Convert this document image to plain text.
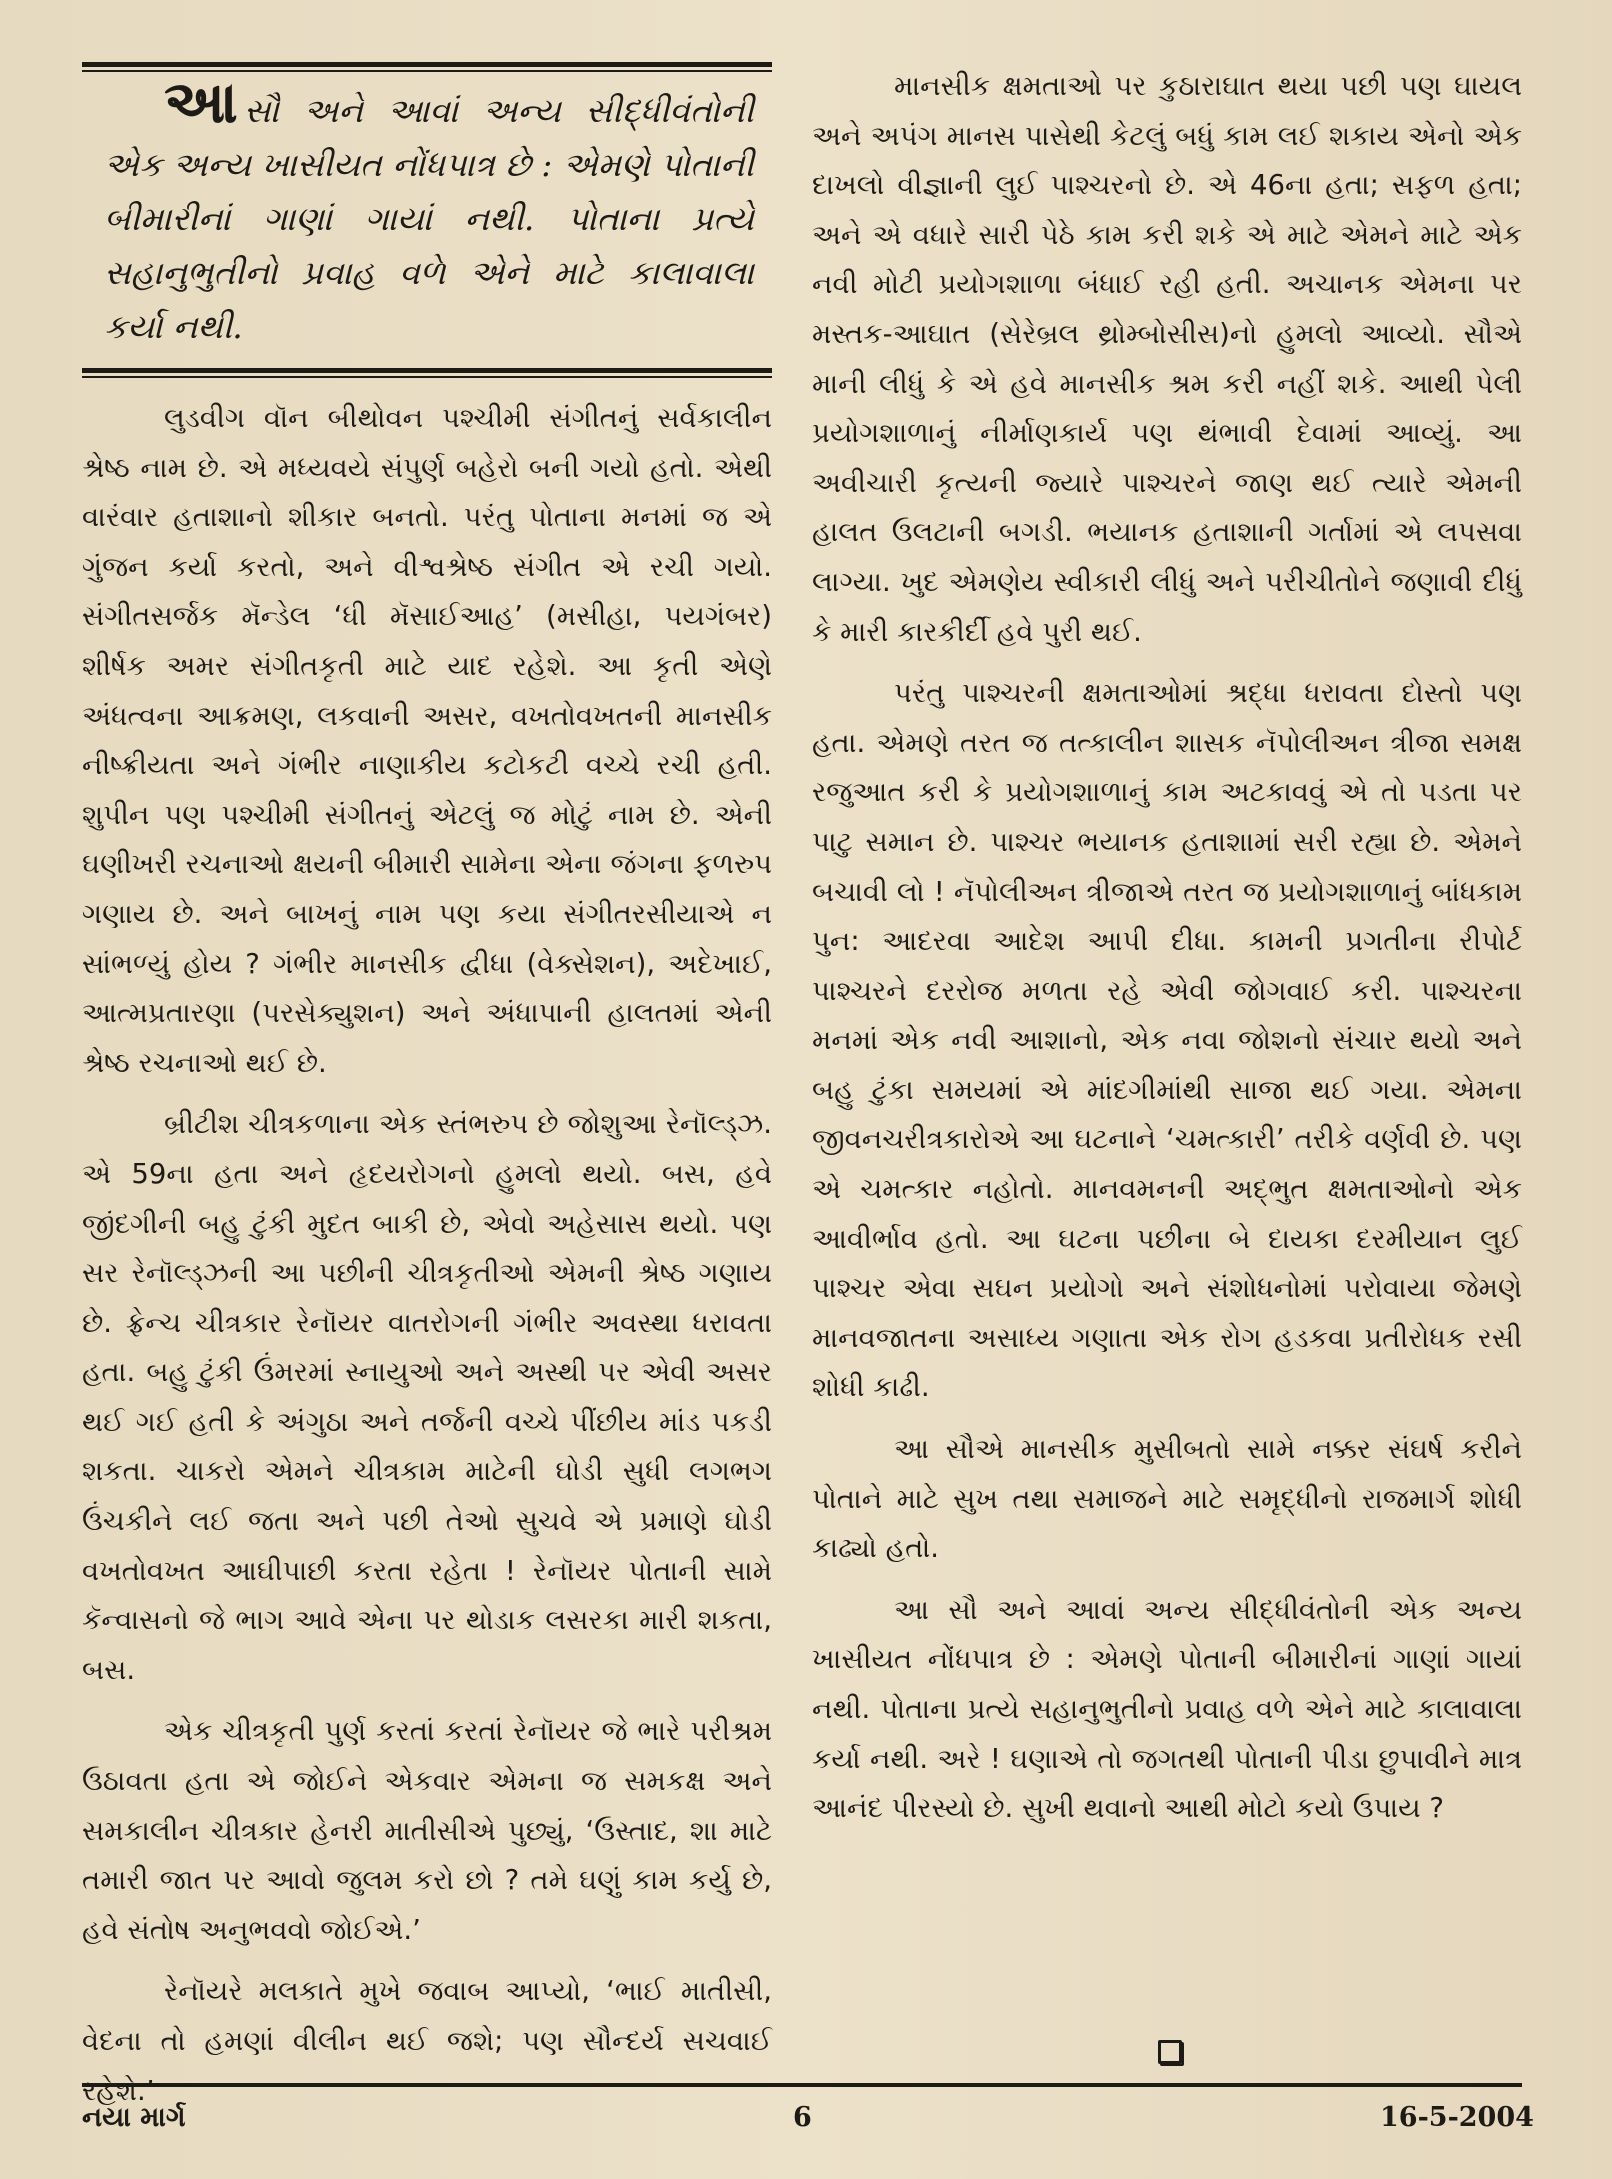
આસૌ અને આવાં અન્ય સીદ્ધીવંતોની એક અન્ય ખાસીયત નોંધપાત્ર છે : એમણે પોતાની બીમારીનાં ગાણાં ગાયાં નથી. પોતાના પ્રત્યે સહાનુભુતીનો પ્રવાહ વળે એને માટે કાલાવાલા કર્યા નથી.

લુડવીગ વૉન બીથોવન પશ્ચીમી સંગીતનું સર્વકાલીન શ્રેષ્ઠ નામ છે. એ મધ્યવયે સંપુર્ણ બહેરો બની ગયો હતો. એથી વારંવાર હતાશાનો શીકાર બનતો. પરંતુ પોતાના મનમાં જ એ ગુંજન કર્યા કરતો, અને વીશ્વશ્રેષ્ઠ સંગીત એ રચી ગયો. સંગીતસર્જક મૅન્ડેલ ‘ધી મૅસાઈઆહ’ (મસીહા, પયગંબર) શીર્ષક અમર સંગીતકૃતી માટે યાદ રહેશે. આ કૃતી એણે અંધત્વના આક્રમણ, લકવાની અસર, વખતોવખતની માનસીક નીષ્ક્રીયતા અને ગંભીર નાણાકીય કટોકટી વચ્ચે રચી હતી. શુપીન પણ પશ્ચીમી સંગીતનું એટલું જ મોટું નામ છે. એની ઘણીખરી રચનાઓ ક્ષયની બીમારી સામેના એના જંગના ફળરુપ ગણાય છે. અને બાખનું નામ પણ કયા સંગીતરસીયાએ ન સાંભળ્યું હોય ? ગંભીર માનસીક દ્વીધા (વેક્સેશન), અદેખાઈ, આત્મપ્રતારણા (પરસેક્યુશન) અને અંધાપાની હાલતમાં એની શ્રેષ્ઠ રચનાઓ થઈ છે.

બ્રીટીશ ચીત્રકળાના એક સ્તંભરુપ છે જોશુઆ રેનૉલ્ડ્ઝ. એ 59ના હતા અને હૃદયરોગનો હુમલો થયો. બસ, હવે જીંદગીની બહુ ટુંકી મુદત બાકી છે, એવો અહેસાસ થયો. પણ સર રેનૉલ્ડ્ઝની આ પછીની ચીત્રકૃતીઓ એમની શ્રેષ્ઠ ગણાય છે. ફ્રેન્ચ ચીત્રકાર રેનૉયર વાતરોગની ગંભીર અવસ્થા ધરાવતા હતા. બહુ ટુંકી ઉંમરમાં સ્નાયુઓ અને અસ્થી પર એવી અસર થઈ ગઈ હતી કે અંગુઠા અને તર્જની વચ્ચે પીંછીય માંડ પકડી શકતા. ચાકરો એમને ચીત્રકામ માટેની ઘોડી સુધી લગભગ ઉંચકીને લઈ જતા અને પછી તેઓ સુચવે એ પ્રમાણે ઘોડી વખતોવખત આઘીપાછી કરતા રહેતા ! રેનૉયર પોતાની સામે કૅન્વાસનો જે ભાગ આવે એના પર થોડાક લસરકા મારી શકતા, બસ.

એક ચીત્રકૃતી પુર્ણ કરતાં કરતાં રેનૉયર જે ભારે પરીશ્રમ ઉઠાવતા હતા એ જોઈને એકવાર એમના જ સમકક્ષ અને સમકાલીન ચીત્રકાર હેનરી માતીસીએ પુછ્યું, ‘ઉસ્તાદ, શા માટે તમારી જાત પર આવો જુલમ કરો છો ? તમે ઘણું કામ કર્યુ છે, હવે સંતોષ અનુભવવો જોઈએ.’

રેનૉયરે મલકાતે મુખે જવાબ આપ્યો, ‘ભાઈ માતીસી, વેદના તો હમણાં વીલીન થઈ જશે; પણ સૌન્દર્ય સચવાઈ રહેશે.’

માનસીક ક્ષમતાઓ પર કુઠારાઘાત થયા પછી પણ ઘાયલ અને અપંગ માનસ પાસેથી કેટલું બધું કામ લઈ શકાય એનો એક દાખલો વીજ્ઞાની લુઈ પાશ્ચરનો છે. એ 46ના હતા; સફળ હતા; અને એ વધારે સારી પેઠે કામ કરી શકે એ માટે એમને માટે એક નવી મોટી પ્રયોગશાળા બંધાઈ રહી હતી. અચાનક એમના પર મસ્તક-આઘાત (સેરેબ્રલ થ્રોમ્બોસીસ)નો હુમલો આવ્યો. સૌએ માની લીધું કે એ હવે માનસીક શ્રમ કરી નહીં શકે. આથી પેલી પ્રયોગશાળાનું નીર્માણકાર્ય પણ થંભાવી દેવામાં આવ્યું. આ અવીચારી કૃત્યની જ્યારે પાશ્ચરને જાણ થઈ ત્યારે એમની હાલત ઉલટાની બગડી. ભયાનક હતાશાની ગર્તામાં એ લપસવા લાગ્યા. ખુદ એમણેય સ્વીકારી લીધું અને પરીચીતોને જણાવી દીધું કે મારી કારકીર્દી હવે પુરી થઈ.

પરંતુ પાશ્ચરની ક્ષમતાઓમાં શ્રદ્ધા ધરાવતા દોસ્તો પણ હતા. એમણે તરત જ તત્કાલીન શાસક નૅપોલીઅન ત્રીજા સમક્ષ રજુઆત કરી કે પ્રયોગશાળાનું કામ અટકાવવું એ તો પડતા પર પાટુ સમાન છે. પાશ્ચર ભયાનક હતાશામાં સરી રહ્યા છે. એમને બચાવી લો ! નૅપોલીઅન ત્રીજાએ તરત જ પ્રયોગશાળાનું બાંધકામ પુન: આદરવા આદેશ આપી દીધા. કામની પ્રગતીના રીપોર્ટ પાશ્ચરને દરરોજ મળતા રહે એવી જોગવાઈ કરી. પાશ્ચરના મનમાં એક નવી આશાનો, એક નવા જોશનો સંચાર થયો અને બહુ ટુંકા સમયમાં એ માંદગીમાંથી સાજા થઈ ગયા. એમના જીવનચરીત્રકારોએ આ ઘટનાને ‘ચમત્કારી’ તરીકે વર્ણવી છે. પણ એ ચમત્કાર નહોતો. માનવમનની અદ્‌ભુત ક્ષમતાઓનો એક આવીર્ભાવ હતો. આ ઘટના પછીના બે દાયકા દરમીયાન લુઈ પાશ્ચર એવા સઘન પ્રયોગો અને સંશોધનોમાં પરોવાયા જેમણે માનવજાતના અસાધ્ય ગણાતા એક રોગ હડકવા પ્રતીરોધક રસી શોધી કાઢી.

આ સૌએ માનસીક મુસીબતો સામે નક્કર સંઘર્ષ કરીને પોતાને માટે સુખ તથા સમાજને માટે સમૃદ્ધીનો રાજમાર્ગ શોધી કાઢ્યો હતો.

આ સૌ અને આવાં અન્ય સીદ્ધીવંતોની એક અન્ય ખાસીયત નોંધપાત્ર છે : એમણે પોતાની બીમારીનાં ગાણાં ગાયાં નથી. પોતાના પ્રત્યે સહાનુભુતીનો પ્રવાહ વળે એને માટે કાલાવાલા કર્યા નથી. અરે ! ઘણાએ તો જગતથી પોતાની પીડા છુપાવીને માત્ર આનંદ પીરસ્યો છે. સુખી થવાનો આથી મોટો કયો ઉપાય ?

નયા માર્ગ	6	16-5-2004
